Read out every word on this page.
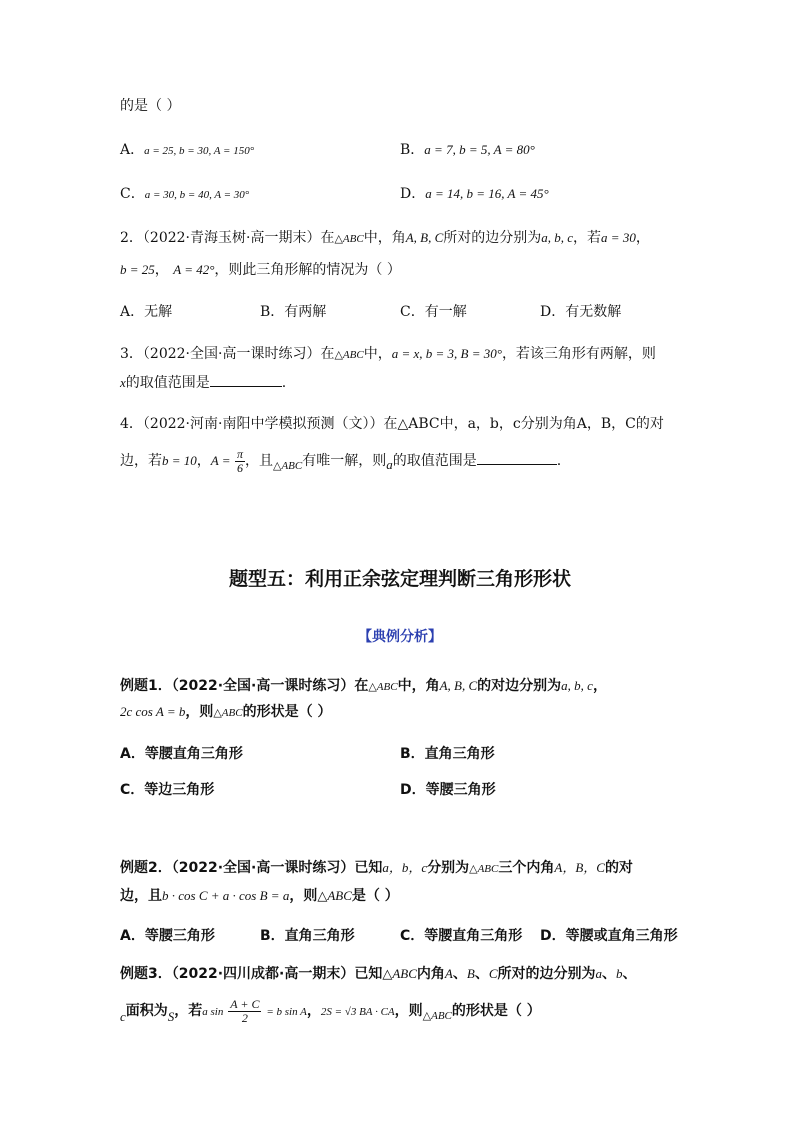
的是（ ）
A．a = 25, b = 30, A = 150°	B．a = 7, b = 5, A = 80°
C．a = 30, b = 40, A = 30°	D．a = 14, b = 16, A = 45°
2．（2022·青海玉树·高一期末）在△ABC中，角A, B, C所对的边分别为a, b, c，若a = 30，
b = 25， A = 42°，则此三角形解的情况为（ ）
A．无解	B．有两解	C．有一解	D．有无数解
3．（2022·全国·高一课时练习）在△ABC中，a = x, b = 3, B = 30°，若该三角形有两解，则
x的取值范围是	.
4．（2022·河南·南阳中学模拟预测（文））在△ABC中，a，b，c分别为角A，B，C的对
边，若b = 10，$A = \frac{\pi}{6}$ ，且$_{\triangle ABC}$有唯一解，则a的取值范围是	.
题型五：利用正余弦定理判断三角形形状
【典例分析】
例题1．（2022·全国·高一课时练习）在△ABC中，角A, B, C的对边分别为a, b, c，
2c cos A = b，则△ABC的形状是（ ）
A．等腰直角三角形	B．直角三角形
C．等边三角形	D．等腰三角形
例题2．（2022·全国·高一课时练习）已知a，b，c分别为△ABC三个内角A，B，C的对
边，且b · cos C + a · cos B = a，则△ABC是（ ）
A．等腰三角形	B．直角三角形	C．等腰直角三角形 D．等腰或直角三角形
例题3．（2022·四川成都·高一期末）已知△ABC内角A、B、C所对的边分别为a、b、
c面积为S，若a $\sin \frac{A + C}{2} = b$ sin A，2S = √3 BA · CA，则$_{\triangle ABC}$的形状是（ ）
